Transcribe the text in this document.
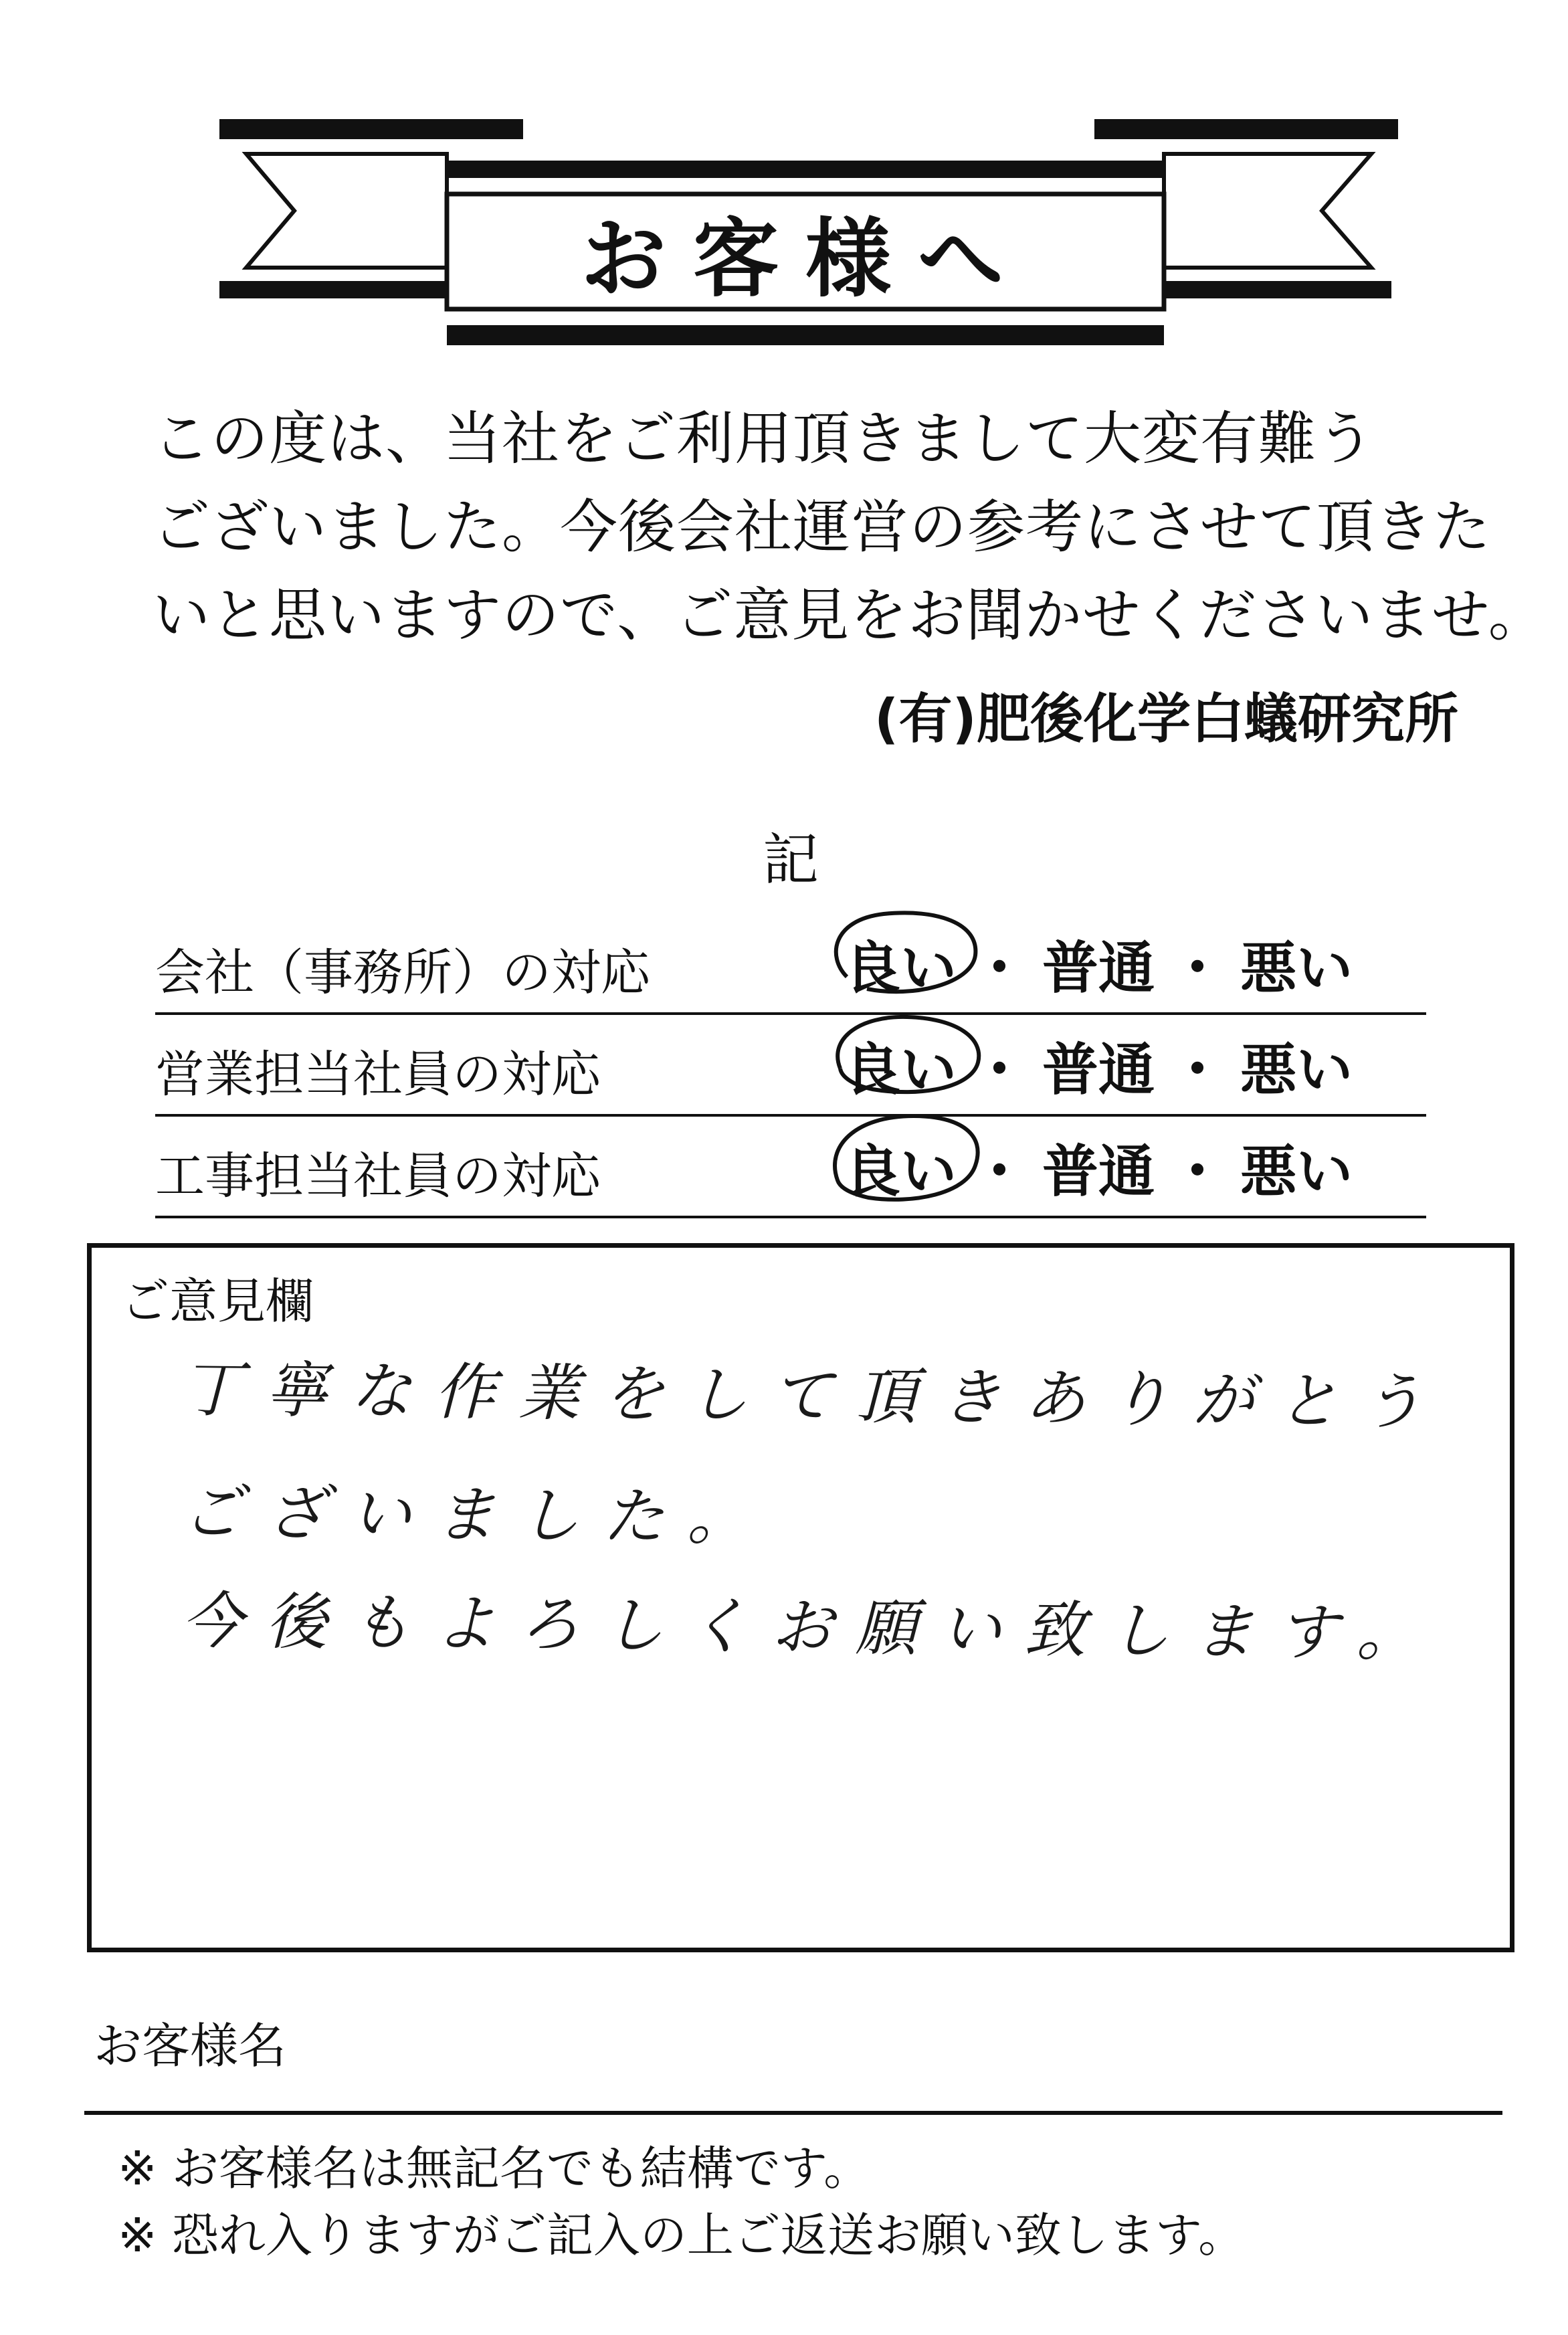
お客様へ

この度は、当社をご利用頂きまして大変有難う

ございました。今後会社運営の参考にさせて頂きた

いと思いますので、ご意見をお聞かせくださいませ。

(有)肥後化学白蟻研究所
記
会社（事務所）の対応	良い ・ 普通 ・ 悪い
営業担当社員の対応	良い ・ 普通 ・ 悪い
工事担当社員の対応	良い ・ 普通 ・ 悪い
ご意見欄
丁寧な作業をして頂きありがとう
ございました。
今後もよろしくお願い致します。
お客様名
※ お客様名は無記名でも結構です。
※ 恐れ入りますがご記入の上ご返送お願い致します。
